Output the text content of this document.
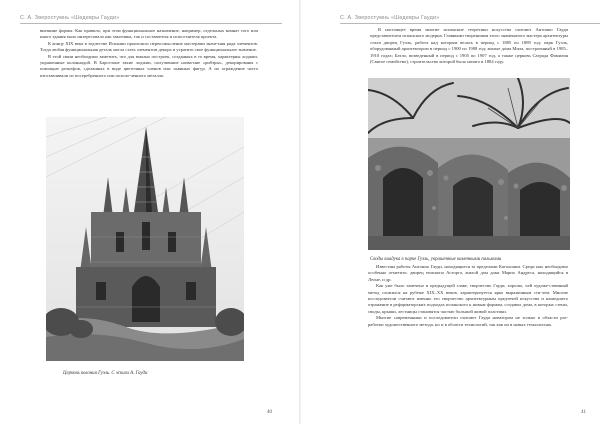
С. А. Зверостумнь «Шедевры Гауди»

внешние формы. Как правило, при этом функциональное назначение, например, отдельных комнат того или иного здания мало интересовало как заказчика, так и составителя и испол-нителя проекта.

К концу XIX века в зодчестве Испании произошло переосмысление мастерами значе-ния ряда элементов. Тогда любая функциональная деталь могла стать элементом декора и утратить свое функциональное значение.

В этой связи необходимо заметить, что для южных построек, созданных в то время, характерны лоджии, украшенные колоннадой. В Барселоне такие лоджии, получившие назва-ние «рибэры», декорированы с помощью рельефов, сделанных в виде цветочных членов или львиных фигур. А их ограждение часто изготавливали из посеребренного или позоло-ченного металла.

Церковь колонии Гуэль. С эскиза А. Гауди
40
С. А. Зверостумнь «Шедевры Гауди»

В настоящее время многие испанские теоретики искусства считают Антонио Гауди представителем испанского модерна. Главными творениями этого знаменитого мастера архитектуры стали дворец Гуэль, работа над которым велась в период с 1885 по 1889 год; парк Гуэль, оборудованный архитектором в период с 1900 по 1908 год; жилые дома Мила, построенный в 1905–1910 годах; Батло, возведенный в период с 1905 по 1907 год, а также церковь Саграда Фамилия (Святое семейство), строительство которой было начато в 1884 году.

Своды виадука в парке Гуэль, украшенные каменными пальмами

Известны работы Антонио Гауди, находящиеся за пределами Каталонии. Среди них необходимо особенно отметить: дворец епископа Асторга, жилой дом дона Марио Андреса, находящийся в Леоне, и др.

Как уже было замечено в предыдущей главе, творчество Гауди, хорошо, чей художе-ственный метод сложился на рубеже XIX–XX веков, характеризуется ярко выраженным сти-лем. Многие исследователи считают именно его творчество архитектурным предтечей искусства и нашедшего отражение в реформаторских подходах испанского к новым формам, создавал дома, в которых стены, своды, крыши, лестницы становятся частью большой живой пластики.

Многие современники и последователи считают Гауди новатором не только в области раз-работки художественного метода, но и в области технологий, так как он в новых технологиях.

41
